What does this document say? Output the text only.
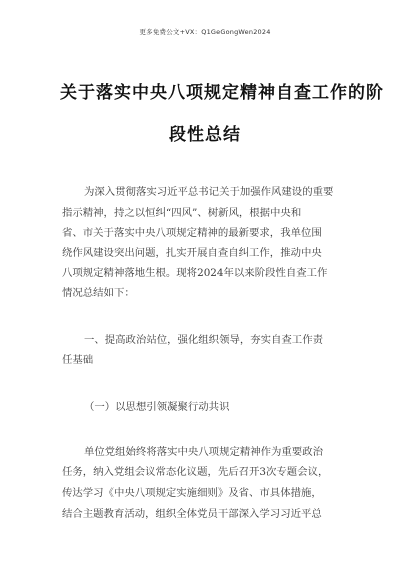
更多免费公文+VX：Q1GeGongWen2024
关于落实中央八项规定精神自查工作的阶
段性总结
为深入贯彻落实习近平总书记关于加强作风建设的重要
指示精神，持之以恒纠“四风”、树新风，根据中央和
省、市关于落实中央八项规定精神的最新要求，我单位围
绕作风建设突出问题，扎实开展自查自纠工作，推动中央
八项规定精神落地生根。现将2024年以来阶段性自查工作
情况总结如下：
一、提高政治站位，强化组织领导，夯实自查工作责
任基础
（一）以思想引领凝聚行动共识
单位党组始终将落实中央八项规定精神作为重要政治
任务，纳入党组会议常态化议题，先后召开3次专题会议，
传达学习《中央八项规定实施细则》及省、市具体措施，
结合主题教育活动，组织全体党员干部深入学习习近平总
